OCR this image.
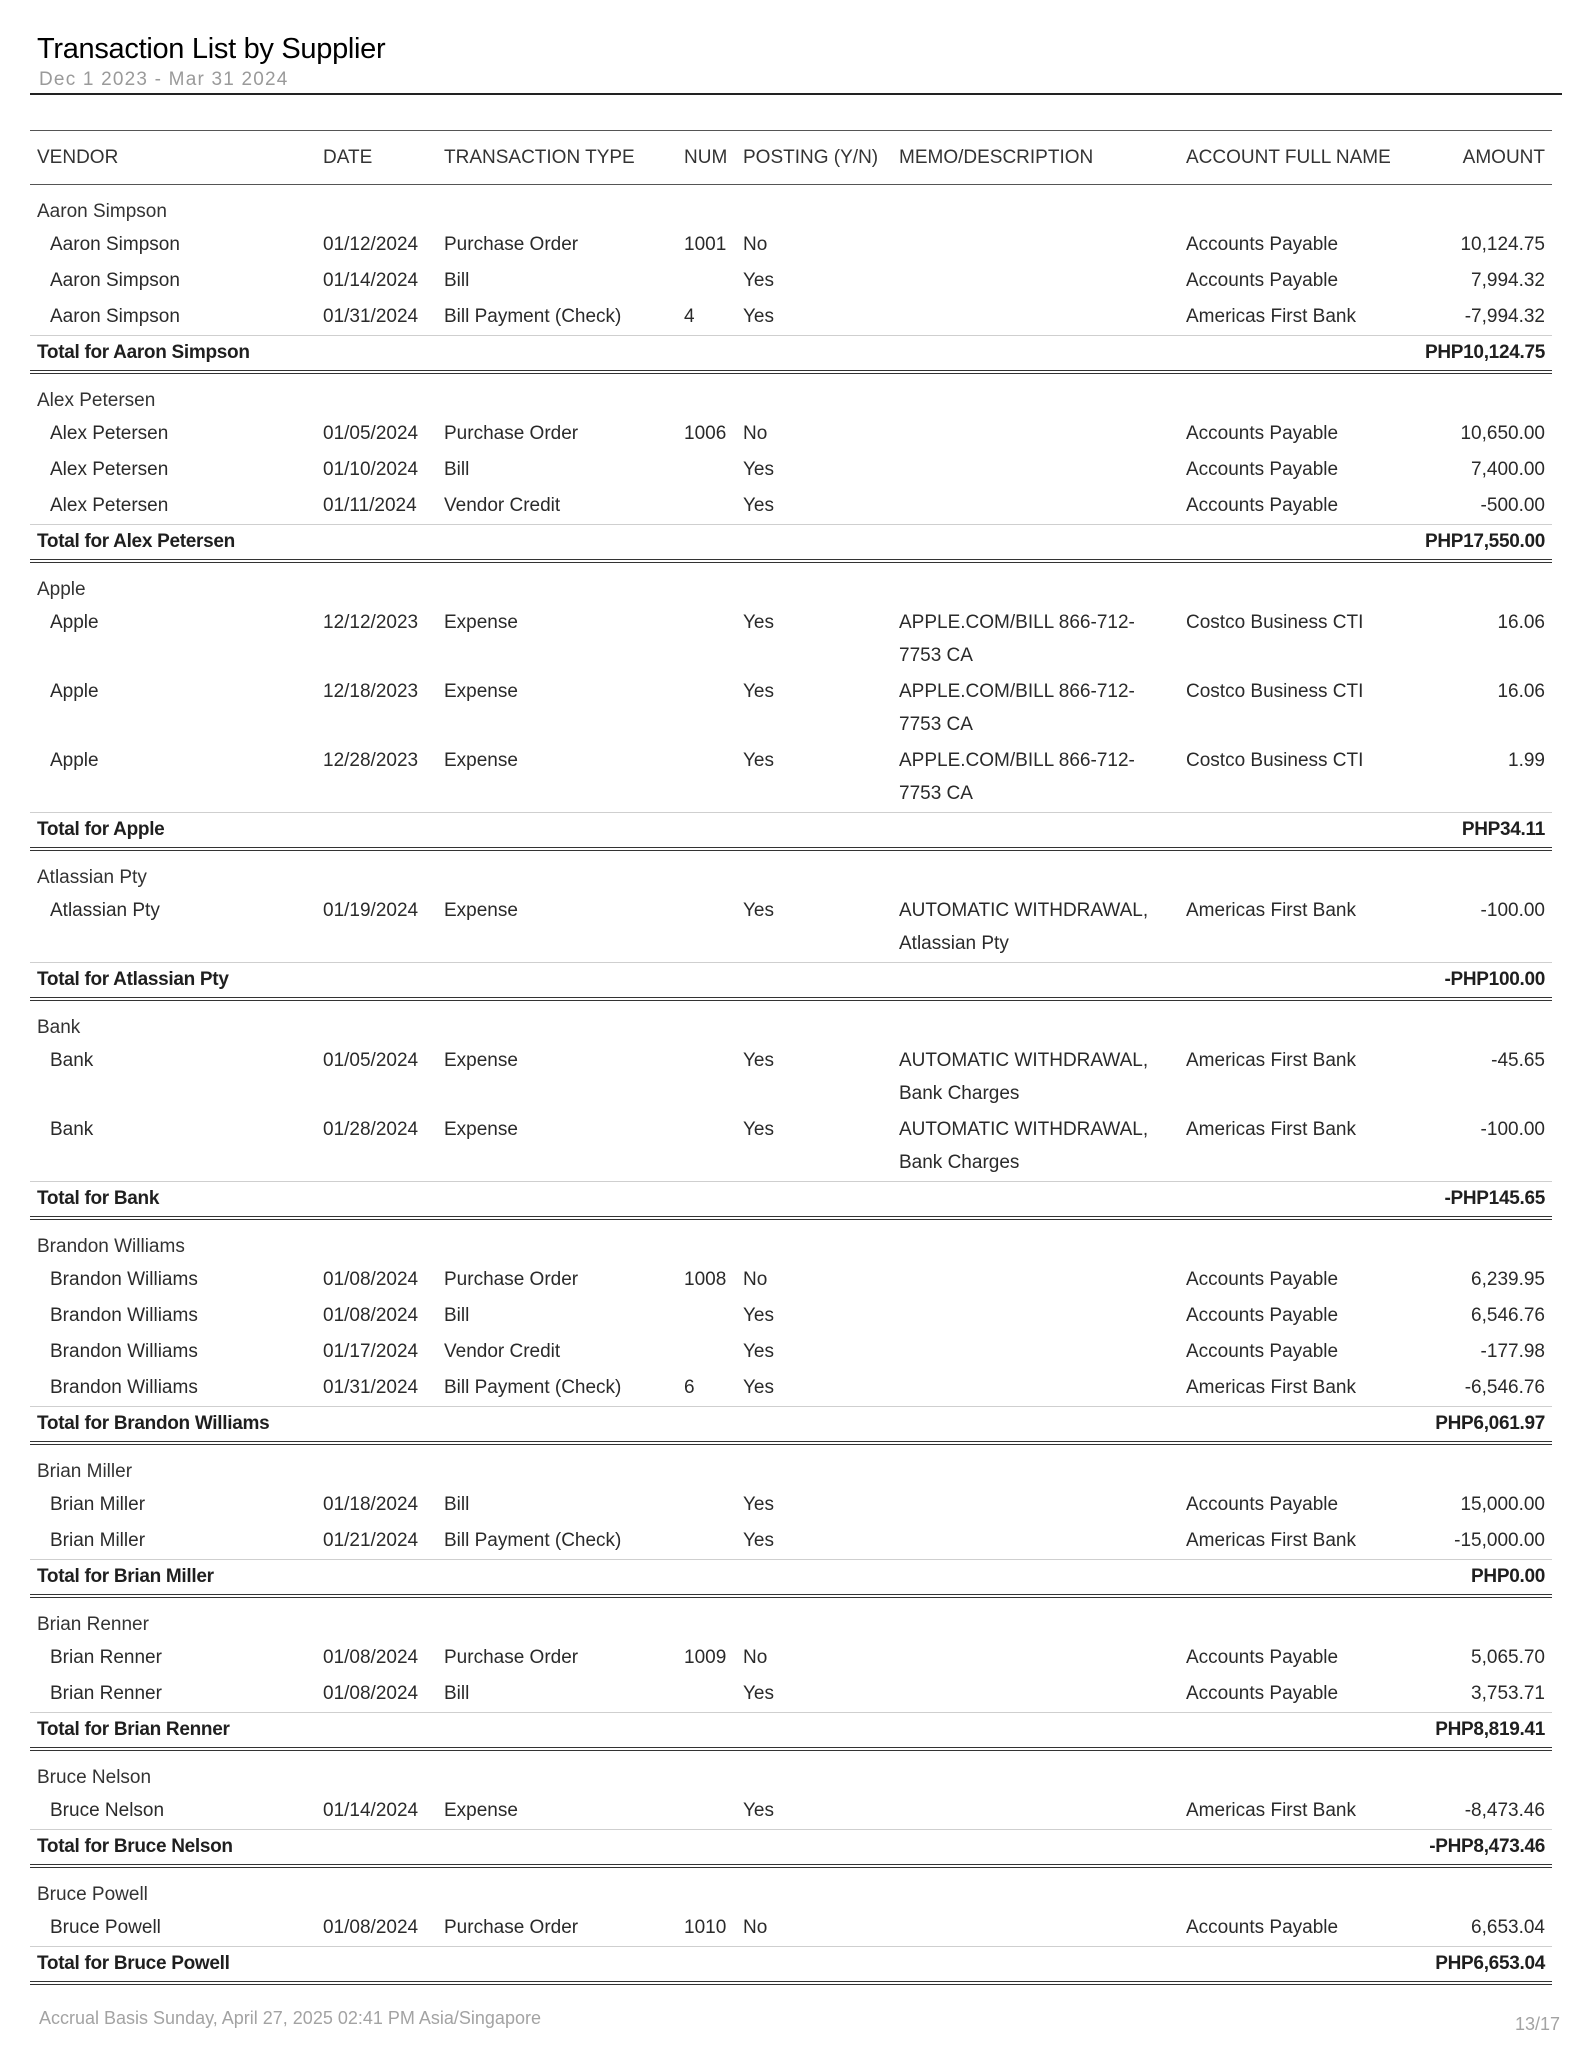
Transaction List by Supplier
Dec 1 2023 - Mar 31 2024
VENDOR	DATE	TRANSACTION TYPE	NUM	POSTING (Y/N)	MEMO/DESCRIPTION	ACCOUNT FULL NAME	AMOUNT
Aaron Simpson							
Aaron Simpson	01/12/2024	Purchase Order	1001	No		Accounts Payable	10,124.75
Aaron Simpson	01/14/2024	Bill		Yes		Accounts Payable	7,994.32
Aaron Simpson	01/31/2024	Bill Payment (Check)	4	Yes		Americas First Bank	-7,994.32
Total for Aaron Simpson							PHP10,124.75
Alex Petersen							
Alex Petersen	01/05/2024	Purchase Order	1006	No		Accounts Payable	10,650.00
Alex Petersen	01/10/2024	Bill		Yes		Accounts Payable	7,400.00
Alex Petersen	01/11/2024	Vendor Credit		Yes		Accounts Payable	-500.00
Total for Alex Petersen							PHP17,550.00
Apple							
Apple	12/12/2023	Expense		Yes	APPLE.COM/BILL 866-712-7753 CA	Costco Business CTI	16.06
Apple	12/18/2023	Expense		Yes	APPLE.COM/BILL 866-712-7753 CA	Costco Business CTI	16.06
Apple	12/28/2023	Expense		Yes	APPLE.COM/BILL 866-712-7753 CA	Costco Business CTI	1.99
Total for Apple							PHP34.11
Atlassian Pty							
Atlassian Pty	01/19/2024	Expense		Yes	AUTOMATIC WITHDRAWAL, Atlassian Pty	Americas First Bank	-100.00
Total for Atlassian Pty							-PHP100.00
Bank							
Bank	01/05/2024	Expense		Yes	AUTOMATIC WITHDRAWAL, Bank Charges	Americas First Bank	-45.65
Bank	01/28/2024	Expense		Yes	AUTOMATIC WITHDRAWAL, Bank Charges	Americas First Bank	-100.00
Total for Bank							-PHP145.65
Brandon Williams							
Brandon Williams	01/08/2024	Purchase Order	1008	No		Accounts Payable	6,239.95
Brandon Williams	01/08/2024	Bill		Yes		Accounts Payable	6,546.76
Brandon Williams	01/17/2024	Vendor Credit		Yes		Accounts Payable	-177.98
Brandon Williams	01/31/2024	Bill Payment (Check)	6	Yes		Americas First Bank	-6,546.76
Total for Brandon Williams							PHP6,061.97
Brian Miller							
Brian Miller	01/18/2024	Bill		Yes		Accounts Payable	15,000.00
Brian Miller	01/21/2024	Bill Payment (Check)		Yes		Americas First Bank	-15,000.00
Total for Brian Miller							PHP0.00
Brian Renner							
Brian Renner	01/08/2024	Purchase Order	1009	No		Accounts Payable	5,065.70
Brian Renner	01/08/2024	Bill		Yes		Accounts Payable	3,753.71
Total for Brian Renner							PHP8,819.41
Bruce Nelson							
Bruce Nelson	01/14/2024	Expense		Yes		Americas First Bank	-8,473.46
Total for Bruce Nelson							-PHP8,473.46
Bruce Powell							
Bruce Powell	01/08/2024	Purchase Order	1010	No		Accounts Payable	6,653.04
Total for Bruce Powell							PHP6,653.04
Accrual Basis Sunday, April 27, 2025 02:41 PM Asia/Singapore	13/17
